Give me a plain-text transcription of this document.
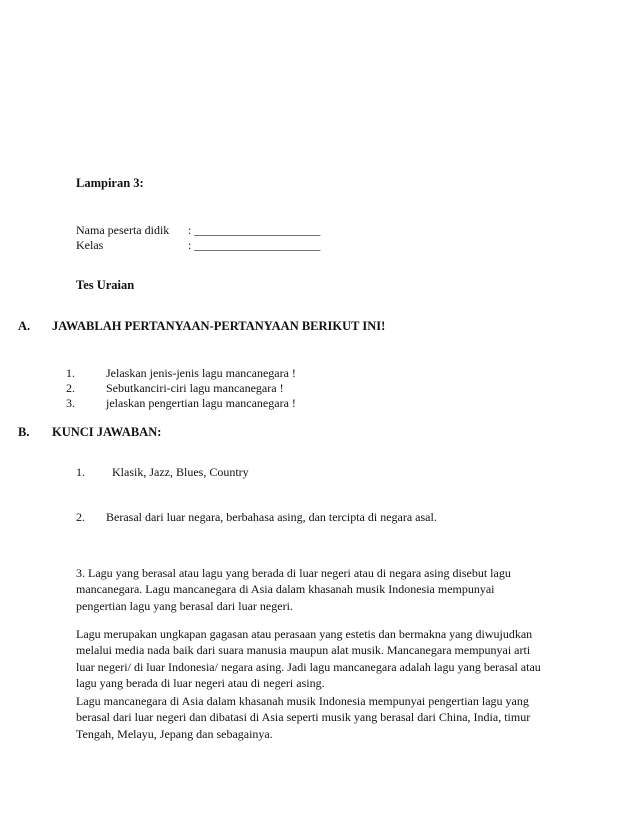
Lampiran 3:
Nama peserta didik : _____________________
Kelas	: _____________________
Tes Uraian
A. JAWABLAH PERTANYAAN-PERTANYAAN BERIKUT INI!
1.	Jelaskan jenis-jenis lagu mancanegara !
2.	Sebutkanciri-ciri lagu mancanegara !
3.	jelaskan pengertian lagu mancanegara !
B. KUNCI JAWABAN:
1. Klasik, Jazz, Blues, Country
2. Berasal dari luar negara, berbahasa asing, dan tercipta di negara asal.
3. Lagu yang berasal atau lagu yang berada di luar negeri atau di negara asing disebut lagu
mancanegara. Lagu mancanegara di Asia dalam khasanah musik Indonesia mempunyai
pengertian lagu yang berasal dari luar negeri.
Lagu merupakan ungkapan gagasan atau perasaan yang estetis dan bermakna yang diwujudkan
melalui media nada baik dari suara manusia maupun alat musik. Mancanegara mempunyai arti
luar negeri/ di luar Indonesia/ negara asing. Jadi lagu mancanegara adalah lagu yang berasal atau
lagu yang berada di luar negeri atau di negeri asing.
Lagu mancanegara di Asia dalam khasanah musik Indonesia mempunyai pengertian lagu yang
berasal dari luar negeri dan dibatasi di Asia seperti musik yang berasal dari China, India, timur
Tengah, Melayu, Jepang dan sebagainya.
